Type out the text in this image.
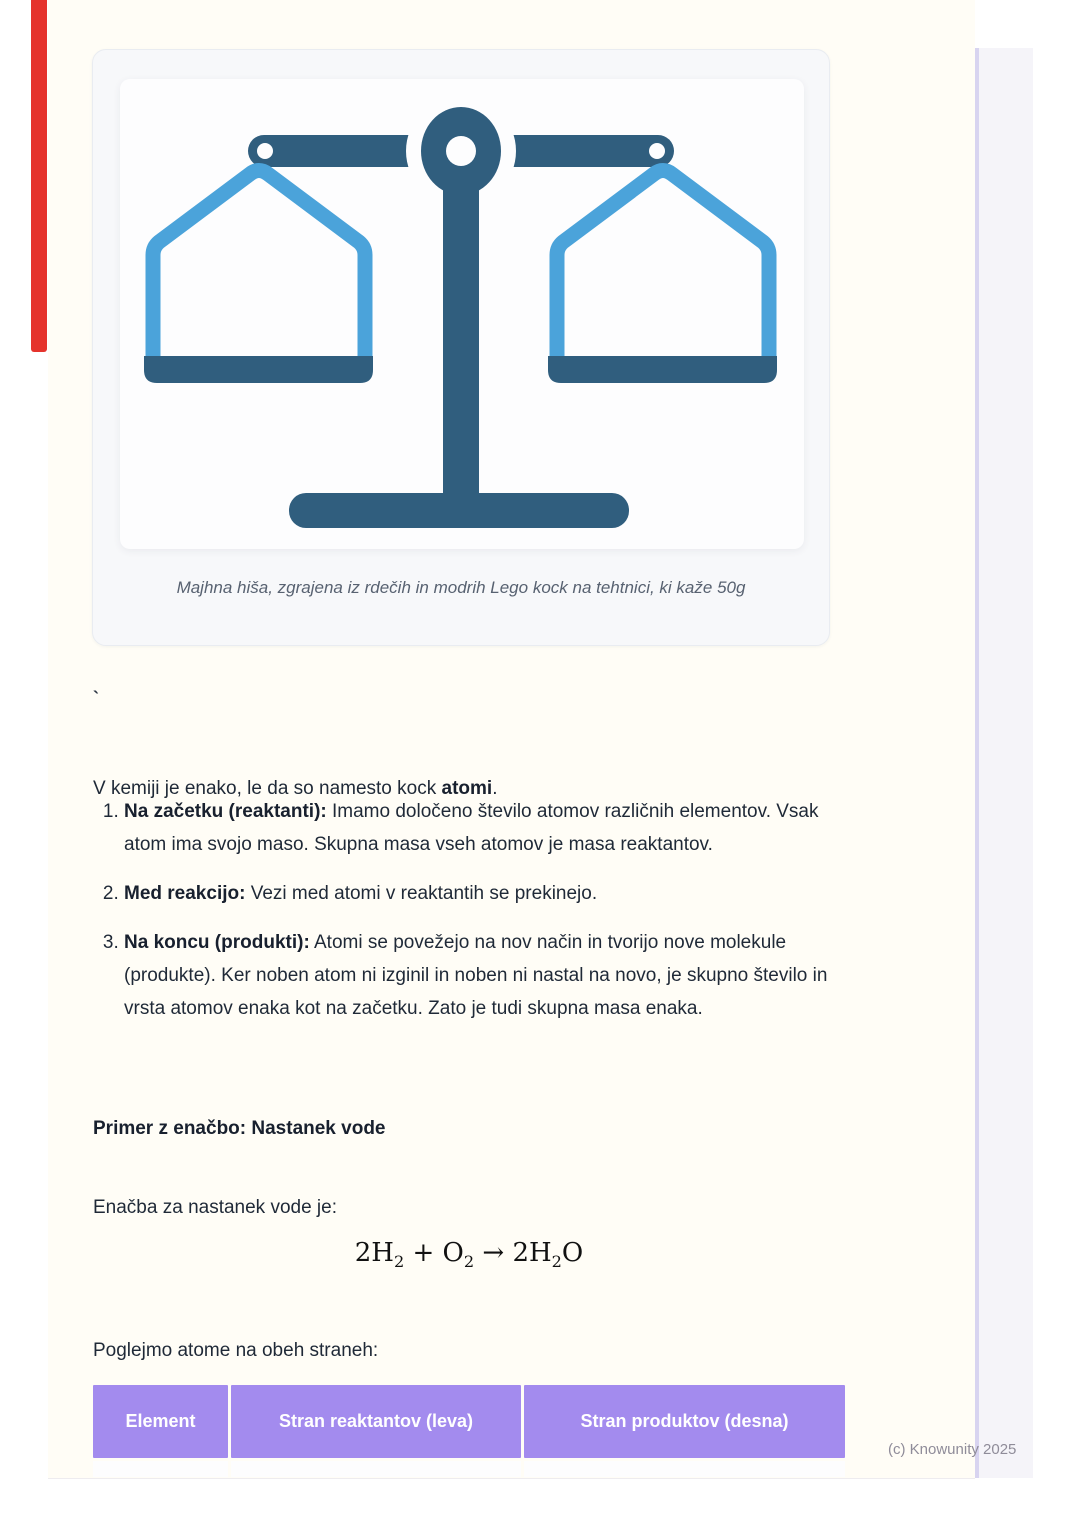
Majhna hiša, zgrajena iz rdečih in modrih Lego kock na tehtnici, ki kaže 50g
`

V kemiji je enako, le da so namesto kock atomi.

1. Na začetku (reaktanti): Imamo določeno število atomov različnih elementov. Vsak atom ima svojo maso. Skupna masa vseh atomov je masa reaktantov.
2. Med reakcijo: Vezi med atomi v reaktantih se prekinejo.
3. Na koncu (produkti): Atomi se povežejo na nov način in tvorijo nove molekule (produkte). Ker noben atom ni izginil in noben ni nastal na novo, je skupno število in vrsta atomov enaka kot na začetku. Zato je tudi skupna masa enaka.
Primer z enačbo: Nastanek vode

Enačba za nastanek vode je:

$2H_2 + O_2 \to 2H_2O$

Poglejmo atome na obeh straneh:

Element	Stran reaktantov (leva)	Stran produktov (desna)
(c) Knowunity 2025
